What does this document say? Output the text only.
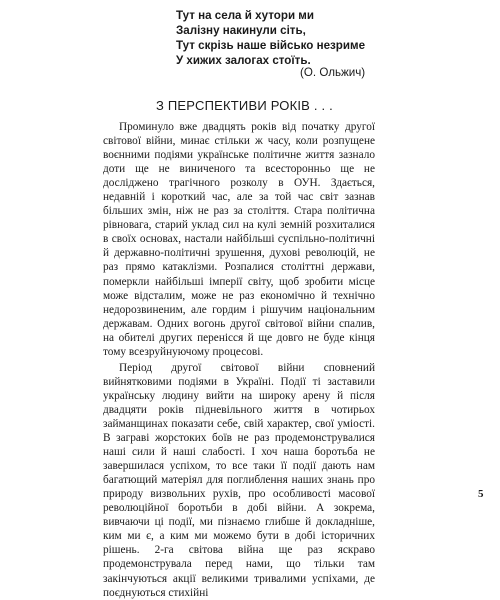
Тут на села й хутори ми
Залізну накинули сіть,
Тут скрізь наше військо незриме
У хижих залогах стоїть.
(О. Ольжич)
З ПЕРСПЕКТИВИ РОКІВ . . .

Проминуло вже двадцять років від початку другої світової війни, минає стільки ж часу, коли розпущене воєнними подіями українське політичне життя зазнало доти ще не виниченого та всесторонньо ще не досліджено трагічного розколу в ОУН. Здається, недавній і короткий час, але за той час світ зазнав більших змін, ніж не раз за століття. Стара політична рівновага, старий уклад сил на кулі земній розхиталися в своїх основах, настали найбільші суспільно-політичні й державно-політичні зрушення, духові революцій, не раз прямо катаклізми. Розпалися століттні держави, померкли найбільші імперії світу, щоб зробити місце може відсталим, може не раз економічно й технічно недорозвиненим, але гордим і рішучим національним державам. Одних вогонь другої світової війни спалив, на обителі других перенісся й ще довго не буде кінця тому всезруйнуючому процесові.

Період другої світової війни сповнений вийнятковими подіями в Україні. Події ті заставили українську людину вийти на широку арену й після двадцяти років підневільного життя в чотирьох займанщинах показати себе, свій характер, свої уміості. В заграві жорстоких боїв не раз продемонструвалися наші сили й наші слабості. І хоч наша боротьба не завершилася успіхом, то все таки її події дають нам багатющий матеріял для поглиблення наших знань про природу визвольних рухів, про особливості масової революційної боротьби в добі війни. А зокрема, вивчаючи ці події, ми пізнаємо глибше й докладніше, ким ми є, а ким ми можемо бути в добі історичних рішень. 2-га світова війна ще раз яскраво продемонструвала перед нами, що тільки там закінчуються акції великими тривалими успіхами, де поєднуються стихійні

5
